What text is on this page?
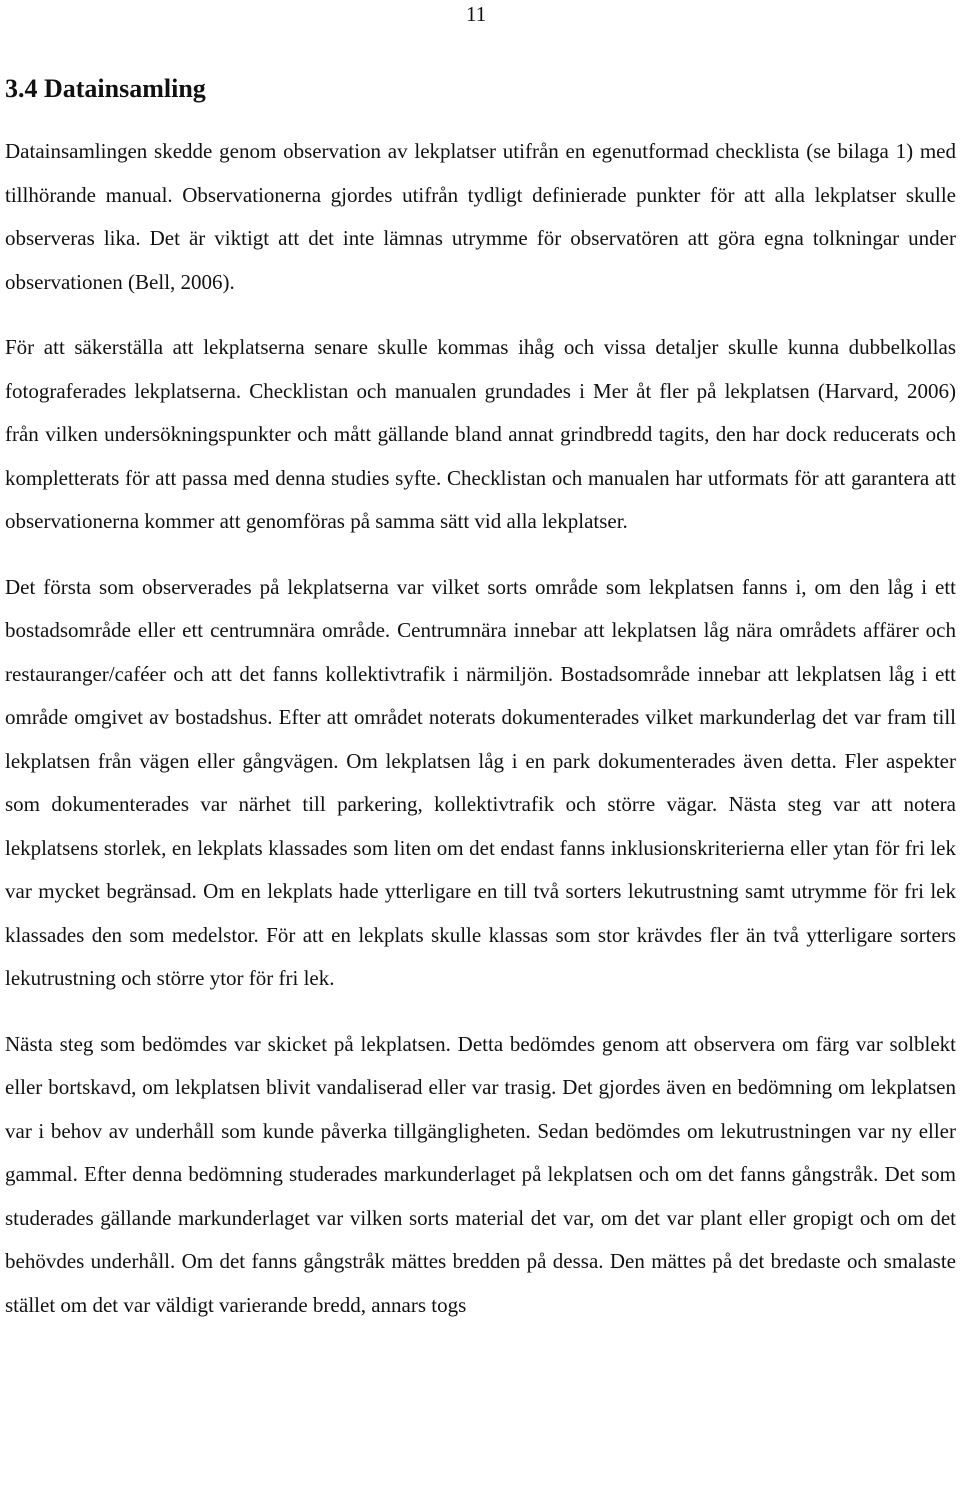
11
3.4 Datainsamling

Datainsamlingen skedde genom observation av lekplatser utifrån en egenutformad checklista (se bilaga 1) med tillhörande manual. Observationerna gjordes utifrån tydligt definierade punkter för att alla lekplatser skulle observeras lika. Det är viktigt att det inte lämnas utrymme för observatören att göra egna tolkningar under observationen (Bell, 2006).

För att säkerställa att lekplatserna senare skulle kommas ihåg och vissa detaljer skulle kunna dubbelkollas fotograferades lekplatserna. Checklistan och manualen grundades i Mer åt fler på lekplatsen (Harvard, 2006) från vilken undersökningspunkter och mått gällande bland annat grindbredd tagits, den har dock reducerats och kompletterats för att passa med denna studies syfte. Checklistan och manualen har utformats för att garantera att observationerna kommer att genomföras på samma sätt vid alla lekplatser.

Det första som observerades på lekplatserna var vilket sorts område som lekplatsen fanns i, om den låg i ett bostadsområde eller ett centrumnära område. Centrumnära innebar att lekplatsen låg nära områdets affärer och restauranger/caféer och att det fanns kollektivtrafik i närmiljön. Bostadsområde innebar att lekplatsen låg i ett område omgivet av bostadshus. Efter att området noterats dokumenterades vilket markunderlag det var fram till lekplatsen från vägen eller gångvägen. Om lekplatsen låg i en park dokumenterades även detta. Fler aspekter som dokumenterades var närhet till parkering, kollektivtrafik och större vägar. Nästa steg var att notera lekplatsens storlek, en lekplats klassades som liten om det endast fanns inklusionskriterierna eller ytan för fri lek var mycket begränsad. Om en lekplats hade ytterligare en till två sorters lekutrustning samt utrymme för fri lek klassades den som medelstor. För att en lekplats skulle klassas som stor krävdes fler än två ytterligare sorters lekutrustning och större ytor för fri lek.

Nästa steg som bedömdes var skicket på lekplatsen. Detta bedömdes genom att observera om färg var solblekt eller bortskavd, om lekplatsen blivit vandaliserad eller var trasig. Det gjordes även en bedömning om lekplatsen var i behov av underhåll som kunde påverka tillgängligheten. Sedan bedömdes om lekutrustningen var ny eller gammal. Efter denna bedömning studerades markunderlaget på lekplatsen och om det fanns gångstråk. Det som studerades gällande markunderlaget var vilken sorts material det var, om det var plant eller gropigt och om det behövdes underhåll. Om det fanns gångstråk mättes bredden på dessa. Den mättes på det bredaste och smalaste stället om det var väldigt varierande bredd, annars togs
